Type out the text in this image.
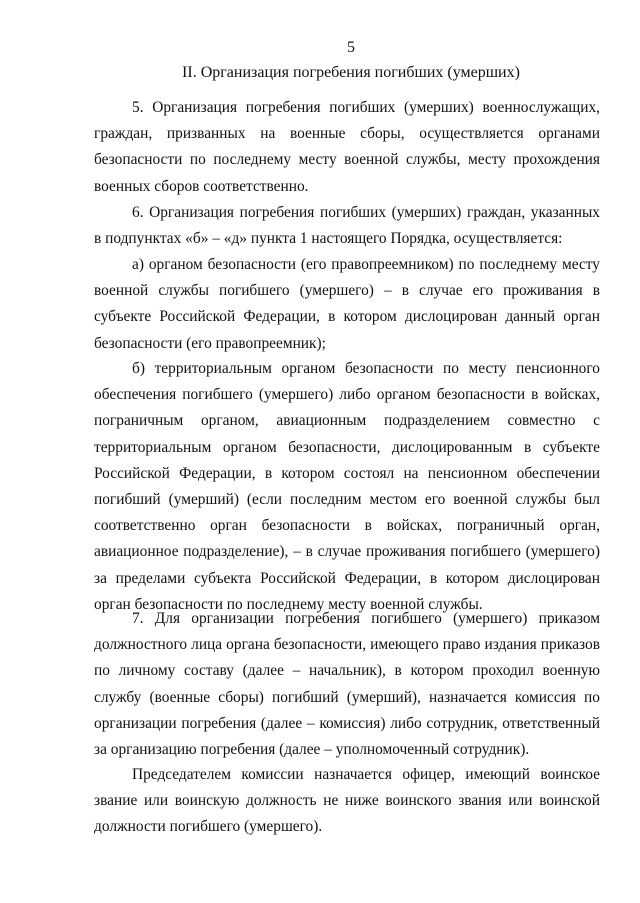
5
II. Организация погребения погибших (умерших)

5. Организация погребения погибших (умерших) военнослужащих, граждан, призванных на военные сборы, осуществляется органами безопасности по последнему месту военной службы, месту прохождения военных сборов соответственно.

6. Организация погребения погибших (умерших) граждан, указанных в подпунктах «б» – «д» пункта 1 настоящего Порядка, осуществляется:

а) органом безопасности (его правопреемником) по последнему месту военной службы погибшего (умершего) – в случае его проживания в субъекте Российской Федерации, в котором дислоцирован данный орган безопасности (его правопреемник);

б) территориальным органом безопасности по месту пенсионного обеспечения погибшего (умершего) либо органом безопасности в войсках, пограничным органом, авиационным подразделением совместно с территориальным органом безопасности, дислоцированным в субъекте Российской Федерации, в котором состоял на пенсионном обеспечении погибший (умерший) (если последним местом его военной службы был соответственно орган безопасности в войсках, пограничный орган, авиационное подразделение), – в случае проживания погибшего (умершего) за пределами субъекта Российской Федерации, в котором дислоцирован орган безопасности по последнему месту военной службы.

7. Для организации погребения погибшего (умершего) приказом должностного лица органа безопасности, имеющего право издания приказов по личному составу (далее – начальник), в котором проходил военную службу (военные сборы) погибший (умерший), назначается комиссия по организации погребения (далее – комиссия) либо сотрудник, ответственный за организацию погребения (далее – уполномоченный сотрудник).

Председателем комиссии назначается офицер, имеющий воинское звание или воинскую должность не ниже воинского звания или воинской должности погибшего (умершего).
